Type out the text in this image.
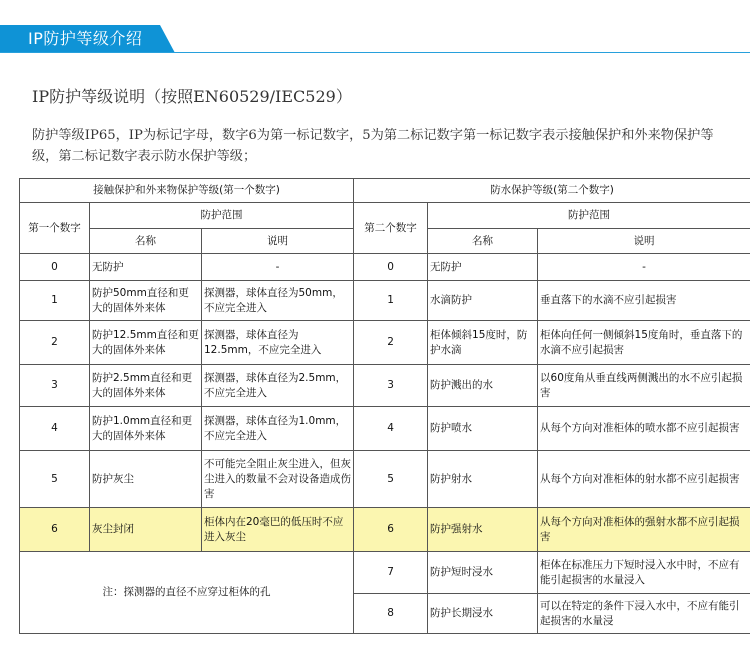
IP防护等级介绍
IP防护等级说明（按照EN60529/IEC529）
防护等级IP65，IP为标记字母，数字6为第一标记数字，5为第二标记数字第一标记数字表示接触保护和外来物保护等级，第二标记数字表示防水保护等级；
接触保护和外来物保护等级(第一个数字)			防水保护等级(第二个数字)		
第一个数字	防护范围		第二个数字	防护范围	
	名称	说明		名称	说明
0	无防护	-	0	无防护	-
1	防护50mm直径和更大的固体外来体	探测器，球体直径为50mm，不应完全进入	1	水滴防护	垂直落下的水滴不应引起损害
2	防护12.5mm直径和更大的固体外来体	探测器，球体直径为12.5mm，不应完全进入	2	柜体倾斜15度时，防护水滴	柜体向任何一侧倾斜15度角时，垂直落下的水滴不应引起损害
3	防护2.5mm直径和更大的固体外来体	探测器，球体直径为2.5mm，不应完全进入	3	防护溅出的水	以60度角从垂直线两侧溅出的水不应引起损害
4	防护1.0mm直径和更大的固体外来体	探测器，球体直径为1.0mm，不应完全进入	4	防护喷水	从每个方向对准柜体的喷水都不应引起损害
5	防护灰尘	不可能完全阻止灰尘进入，但灰尘进入的数量不会对设备造成伤害	5	防护射水	从每个方向对准柜体的射水都不应引起损害
6	灰尘封闭	柜体内在20毫巴的低压时不应进入灰尘	6	防护强射水	从每个方向对准柜体的强射水都不应引起损害
注：探测器的直径不应穿过柜体的孔			7	防护短时浸水	柜体在标准压力下短时浸入水中时，不应有能引起损害的水量浸入
			8	防护长期浸水	可以在特定的条件下浸入水中，不应有能引起损害的水量浸
